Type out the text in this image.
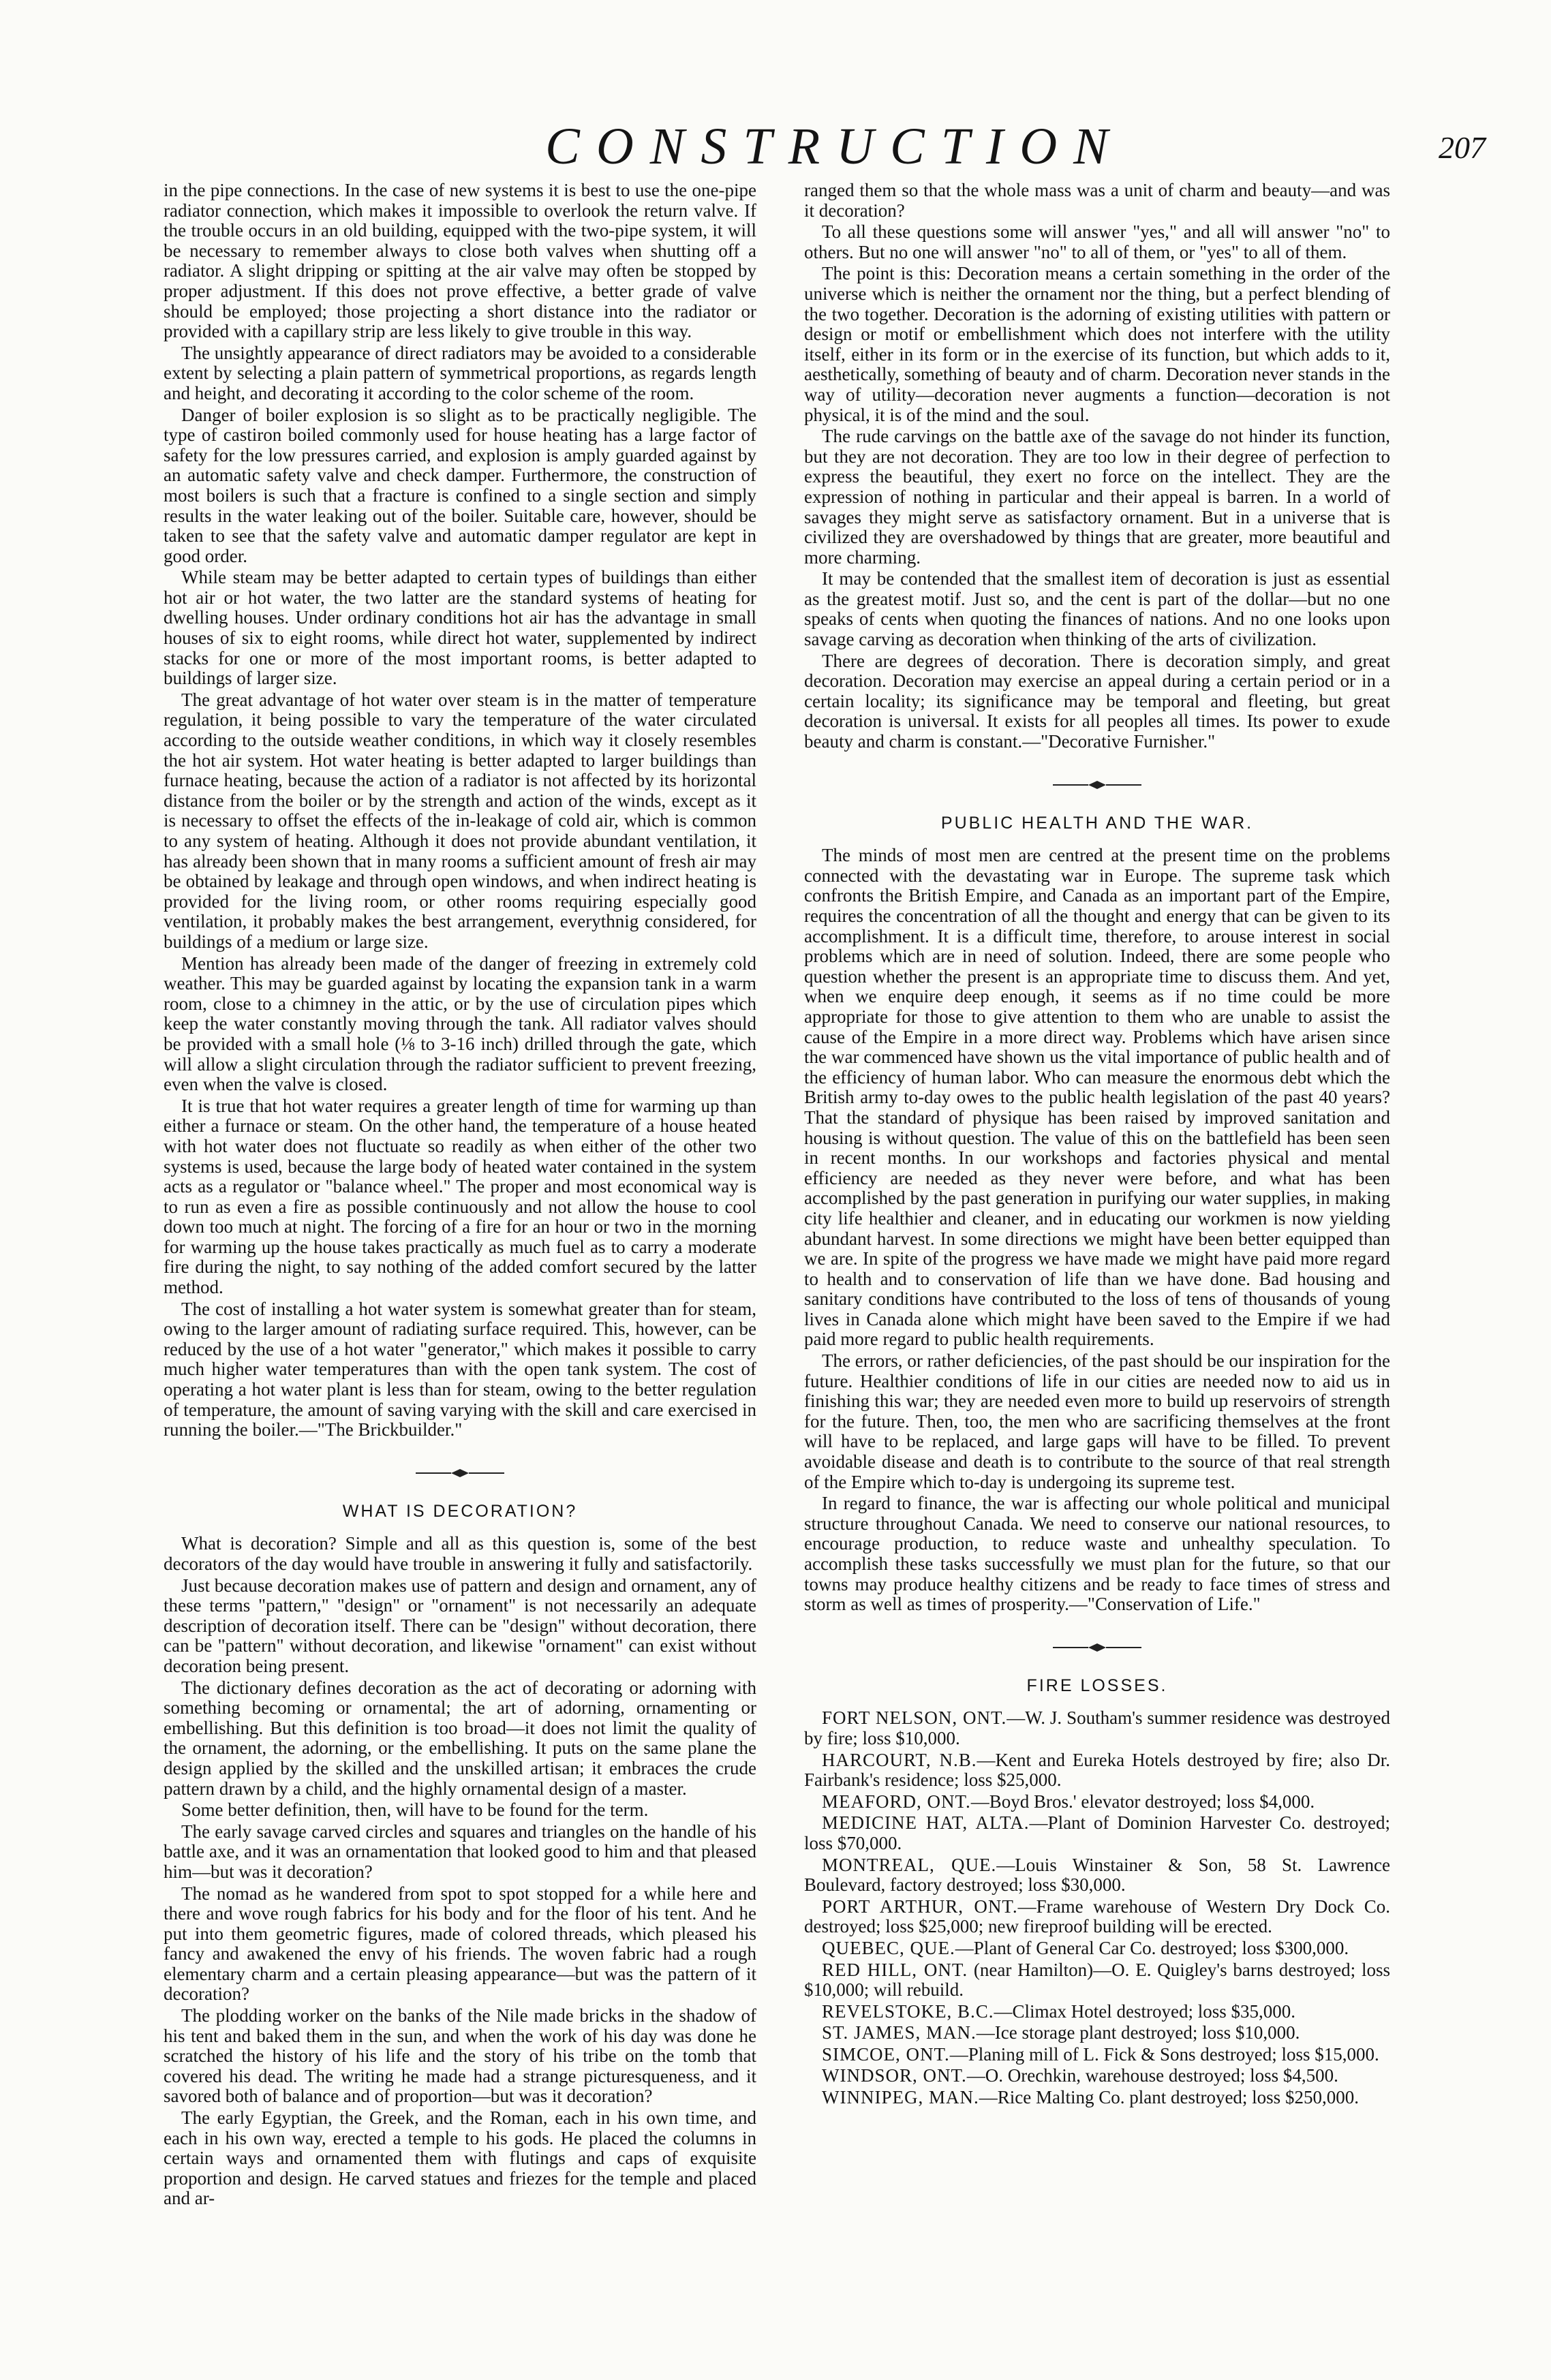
CONSTRUCTION	207

in the pipe connections. In the case of new systems it is best to use the one-pipe radiator connection, which makes it impossible to overlook the return valve. If the trouble occurs in an old building, equipped with the two-pipe system, it will be necessary to remember always to close both valves when shutting off a radiator. A slight dripping or spitting at the air valve may often be stopped by proper adjustment. If this does not prove effective, a better grade of valve should be employed; those projecting a short distance into the radiator or provided with a capillary strip are less likely to give trouble in this way.

The unsightly appearance of direct radiators may be avoided to a considerable extent by selecting a plain pattern of symmetrical proportions, as regards length and height, and decorating it according to the color scheme of the room.

Danger of boiler explosion is so slight as to be practically negligible. The type of castiron boiled commonly used for house heating has a large factor of safety for the low pressures carried, and explosion is amply guarded against by an automatic safety valve and check damper. Furthermore, the construction of most boilers is such that a fracture is confined to a single section and simply results in the water leaking out of the boiler. Suitable care, however, should be taken to see that the safety valve and automatic damper regulator are kept in good order.

While steam may be better adapted to certain types of buildings than either hot air or hot water, the two latter are the standard systems of heating for dwelling houses. Under ordinary conditions hot air has the advantage in small houses of six to eight rooms, while direct hot water, supplemented by indirect stacks for one or more of the most important rooms, is better adapted to buildings of larger size.

The great advantage of hot water over steam is in the matter of temperature regulation, it being possible to vary the temperature of the water circulated according to the outside weather conditions, in which way it closely resembles the hot air system. Hot water heating is better adapted to larger buildings than furnace heating, because the action of a radiator is not affected by its horizontal distance from the boiler or by the strength and action of the winds, except as it is necessary to offset the effects of the in-leakage of cold air, which is common to any system of heating. Although it does not provide abundant ventilation, it has already been shown that in many rooms a sufficient amount of fresh air may be obtained by leakage and through open windows, and when indirect heating is provided for the living room, or other rooms requiring especially good ventilation, it probably makes the best arrangement, everythnig considered, for buildings of a medium or large size.

Mention has already been made of the danger of freezing in extremely cold weather. This may be guarded against by locating the expansion tank in a warm room, close to a chimney in the attic, or by the use of circulation pipes which keep the water constantly moving through the tank. All radiator valves should be provided with a small hole (⅛ to 3-16 inch) drilled through the gate, which will allow a slight circulation through the radiator sufficient to prevent freezing, even when the valve is closed.

It is true that hot water requires a greater length of time for warming up than either a furnace or steam. On the other hand, the temperature of a house heated with hot water does not fluctuate so readily as when either of the other two systems is used, because the large body of heated water contained in the system acts as a regulator or "balance wheel." The proper and most economical way is to run as even a fire as possible continuously and not allow the house to cool down too much at night. The forcing of a fire for an hour or two in the morning for warming up the house takes practically as much fuel as to carry a moderate fire during the night, to say nothing of the added comfort secured by the latter method.

The cost of installing a hot water system is somewhat greater than for steam, owing to the larger amount of radiating surface required. This, however, can be reduced by the use of a hot water "generator," which makes it possible to carry much higher water temperatures than with the open tank system. The cost of operating a hot water plant is less than for steam, owing to the better regulation of temperature, the amount of saving varying with the skill and care exercised in running the boiler.—"The Brickbuilder."

WHAT IS DECORATION?

What is decoration? Simple and all as this question is, some of the best decorators of the day would have trouble in answering it fully and satisfactorily.

Just because decoration makes use of pattern and design and ornament, any of these terms "pattern," "design" or "ornament" is not necessarily an adequate description of decoration itself. There can be "design" without decoration, there can be "pattern" without decoration, and likewise "ornament" can exist without decoration being present.

The dictionary defines decoration as the act of decorating or adorning with something becoming or ornamental; the art of adorning, ornamenting or embellishing. But this definition is too broad—it does not limit the quality of the ornament, the adorning, or the embellishing. It puts on the same plane the design applied by the skilled and the unskilled artisan; it embraces the crude pattern drawn by a child, and the highly ornamental design of a master.

Some better definition, then, will have to be found for the term.

The early savage carved circles and squares and triangles on the handle of his battle axe, and it was an ornamentation that looked good to him and that pleased him—but was it decoration?

The nomad as he wandered from spot to spot stopped for a while here and there and wove rough fabrics for his body and for the floor of his tent. And he put into them geometric figures, made of colored threads, which pleased his fancy and awakened the envy of his friends. The woven fabric had a rough elementary charm and a certain pleasing appearance—but was the pattern of it decoration?

The plodding worker on the banks of the Nile made bricks in the shadow of his tent and baked them in the sun, and when the work of his day was done he scratched the history of his life and the story of his tribe on the tomb that covered his dead. The writing he made had a strange picturesqueness, and it savored both of balance and of proportion—but was it decoration?

The early Egyptian, the Greek, and the Roman, each in his own time, and each in his own way, erected a temple to his gods. He placed the columns in certain ways and ornamented them with flutings and caps of exquisite proportion and design. He carved statues and friezes for the temple and placed and ar-

ranged them so that the whole mass was a unit of charm and beauty—and was it decoration?

To all these questions some will answer "yes," and all will answer "no" to others. But no one will answer "no" to all of them, or "yes" to all of them.

The point is this: Decoration means a certain something in the order of the universe which is neither the ornament nor the thing, but a perfect blending of the two together. Decoration is the adorning of existing utilities with pattern or design or motif or embellishment which does not interfere with the utility itself, either in its form or in the exercise of its function, but which adds to it, aesthetically, something of beauty and of charm. Decoration never stands in the way of utility—decoration never augments a function—decoration is not physical, it is of the mind and the soul.

The rude carvings on the battle axe of the savage do not hinder its function, but they are not decoration. They are too low in their degree of perfection to express the beautiful, they exert no force on the intellect. They are the expression of nothing in particular and their appeal is barren. In a world of savages they might serve as satisfactory ornament. But in a universe that is civilized they are overshadowed by things that are greater, more beautiful and more charming.

It may be contended that the smallest item of decoration is just as essential as the greatest motif. Just so, and the cent is part of the dollar—but no one speaks of cents when quoting the finances of nations. And no one looks upon savage carving as decoration when thinking of the arts of civilization.

There are degrees of decoration. There is decoration simply, and great decoration. Decoration may exercise an appeal during a certain period or in a certain locality; its significance may be temporal and fleeting, but great decoration is universal. It exists for all peoples all times. Its power to exude beauty and charm is constant.—"Decorative Furnisher."

PUBLIC HEALTH AND THE WAR.

The minds of most men are centred at the present time on the problems connected with the devastating war in Europe. The supreme task which confronts the British Empire, and Canada as an important part of the Empire, requires the concentration of all the thought and energy that can be given to its accomplishment. It is a difficult time, therefore, to arouse interest in social problems which are in need of solution. Indeed, there are some people who question whether the present is an appropriate time to discuss them. And yet, when we enquire deep enough, it seems as if no time could be more appropriate for those to give attention to them who are unable to assist the cause of the Empire in a more direct way. Problems which have arisen since the war commenced have shown us the vital importance of public health and of the efficiency of human labor. Who can measure the enormous debt which the British army to-day owes to the public health legislation of the past 40 years? That the standard of physique has been raised by improved sanitation and housing is without question. The value of this on the battlefield has been seen in recent months. In our workshops and factories physical and mental efficiency are needed as they never were before, and what has been accomplished by the past generation in purifying our water supplies, in making city life healthier and cleaner, and in educating our workmen is now yielding abundant harvest. In some directions we might have been better equipped than we are. In spite of the progress we have made we might have paid more regard to health and to conservation of life than we have done. Bad housing and sanitary conditions have contributed to the loss of tens of thousands of young lives in Canada alone which might have been saved to the Empire if we had paid more regard to public health requirements.

The errors, or rather deficiencies, of the past should be our inspiration for the future. Healthier conditions of life in our cities are needed now to aid us in finishing this war; they are needed even more to build up reservoirs of strength for the future. Then, too, the men who are sacrificing themselves at the front will have to be replaced, and large gaps will have to be filled. To prevent avoidable disease and death is to contribute to the source of that real strength of the Empire which to-day is undergoing its supreme test.

In regard to finance, the war is affecting our whole political and municipal structure throughout Canada. We need to conserve our national resources, to encourage production, to reduce waste and unhealthy speculation. To accomplish these tasks successfully we must plan for the future, so that our towns may produce healthy citizens and be ready to face times of stress and storm as well as times of prosperity.—"Conservation of Life."

FIRE LOSSES.

FORT NELSON, ONT.—W. J. Southam's summer residence was destroyed by fire; loss $10,000.

HARCOURT, N.B.—Kent and Eureka Hotels destroyed by fire; also Dr. Fairbank's residence; loss $25,000.

MEAFORD, ONT.—Boyd Bros.' elevator destroyed; loss $4,000.

MEDICINE HAT, ALTA.—Plant of Dominion Harvester Co. destroyed; loss $70,000.

MONTREAL, QUE.—Louis Winstainer & Son, 58 St. Lawrence Boulevard, factory destroyed; loss $30,000.

PORT ARTHUR, ONT.—Frame warehouse of Western Dry Dock Co. destroyed; loss $25,000; new fireproof building will be erected.

QUEBEC, QUE.—Plant of General Car Co. destroyed; loss $300,000.

RED HILL, ONT. (near Hamilton)—O. E. Quigley's barns destroyed; loss $10,000; will rebuild.

REVELSTOKE, B.C.—Climax Hotel destroyed; loss $35,000.

ST. JAMES, MAN.—Ice storage plant destroyed; loss $10,000.

SIMCOE, ONT.—Planing mill of L. Fick & Sons destroyed; loss $15,000.

WINDSOR, ONT.—O. Orechkin, warehouse destroyed; loss $4,500.

WINNIPEG, MAN.—Rice Malting Co. plant destroyed; loss $250,000.
